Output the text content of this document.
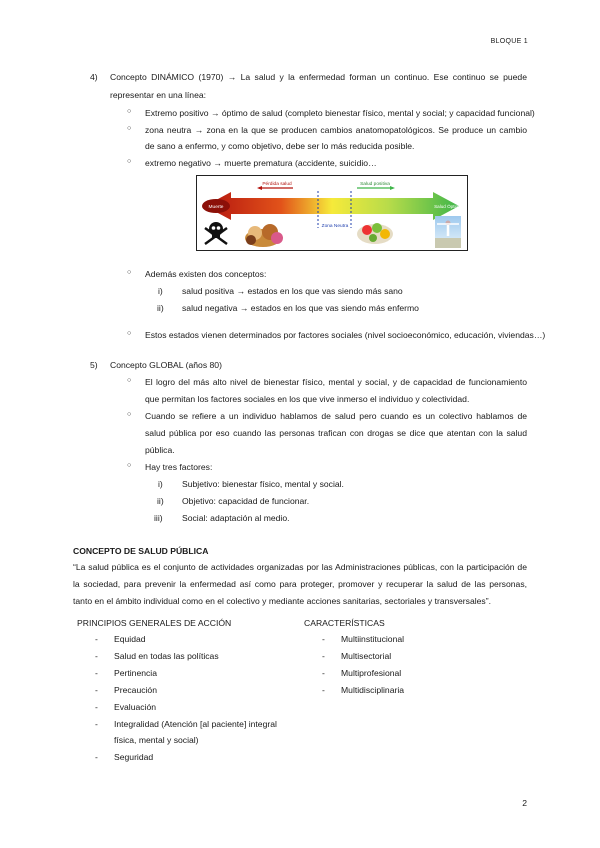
BLOQUE 1
4) Concepto DINÁMICO (1970) → La salud y la enfermedad forman un continuo. Ese continuo se puede
representar en una línea:
○ Extremo positivo → óptimo de salud (completo bienestar físico, mental y social; y capacidad funcional)
○ zona neutra → zona en la que se producen cambios anatomopatológicos. Se produce un cambio
de sano a enfermo, y como objetivo, debe ser lo más reducida posible.
○ extremo negativo → muerte prematura (accidente, suicidio…
Muerte
Pérdida salud	Salud positiva
Zona Neutra
Salud Óptima
○ Además existen dos conceptos:
i) salud positiva → estados en los que vas siendo más sano
ii) salud negativa → estados en los que vas siendo más enfermo
○ Estos estados vienen determinados por factores sociales (nivel socioeconómico, educación, viviendas…)
5) Concepto GLOBAL (años 80)
○ El logro del más alto nivel de bienestar físico, mental y social, y de capacidad de funcionamiento
que permitan los factores sociales en los que vive inmerso el individuo y colectividad.
○ Cuando se refiere a un individuo hablamos de salud pero cuando es un colectivo hablamos de
salud pública por eso cuando las personas trafican con drogas se dice que atentan con la salud
pública.
○ Hay tres factores:
i) Subjetivo: bienestar físico, mental y social.
ii) Objetivo: capacidad de funcionar.
iii) Social: adaptación al medio.
CONCEPTO DE SALUD PÚBLICA
“La salud pública es el conjunto de actividades organizadas por las Administraciones públicas, con la participación de
la sociedad, para prevenir la enfermedad así como para proteger, promover y recuperar la salud de las personas,
tanto en el ámbito individual como en el colectivo y mediante acciones sanitarias, sectoriales y transversales”.
PRINCIPIOS GENERALES DE ACCIÓN	CARACTERÍSTICAS
- Equidad
- Salud en todas las políticas
- Pertinencia
- Precaución
- Evaluación
- Integralidad (Atención [al paciente] integral
física, mental y social)
- Seguridad
- Multiinstitucional
- Multisectorial
- Multiprofesional
- Multidisciplinaria
2
